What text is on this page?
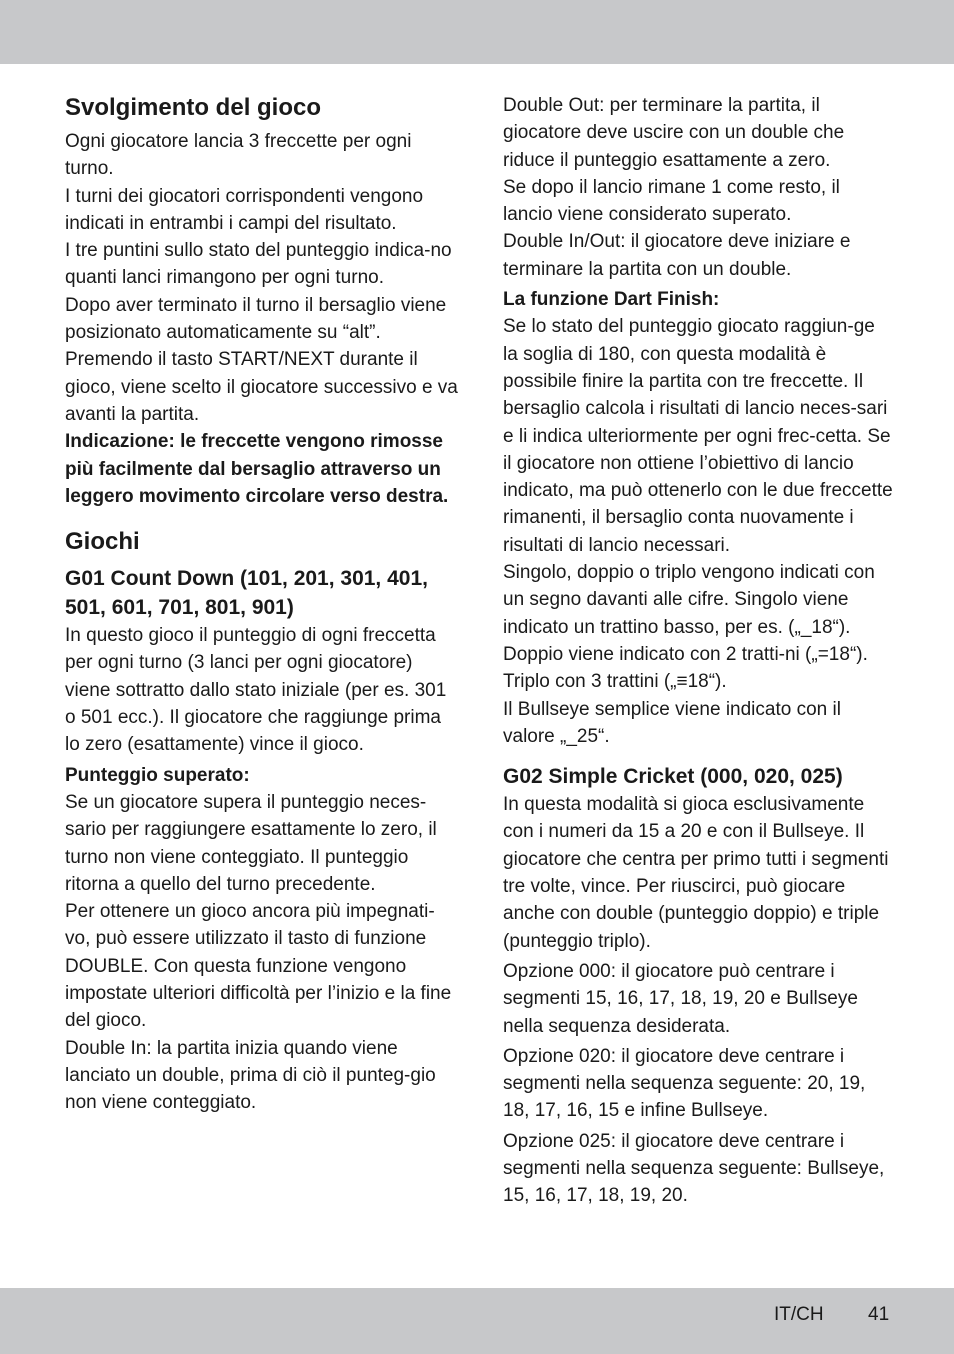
Svolgimento del gioco

Ogni giocatore lancia 3 freccette per ogni turno.

I turni dei giocatori corrispondenti vengono indicati in entrambi i campi del risultato.

I tre puntini sullo stato del punteggio indica-no quanti lanci rimangono per ogni turno.

Dopo aver terminato il turno il bersaglio viene posizionato automaticamente su “alt”.

Premendo il tasto START/NEXT durante il gioco, viene scelto il giocatore successivo e va avanti la partita.

Indicazione: le freccette vengono rimosse più facilmente dal bersaglio attraverso un leggero movimento circolare verso destra.

Giochi
G01 Count Down (101, 201, 301, 401, 501, 601, 701, 801, 901)

In questo gioco il punteggio di ogni freccetta per ogni turno (3 lanci per ogni giocatore) viene sottratto dallo stato iniziale (per es. 301 o 501 ecc.). Il giocatore che raggiunge prima lo zero (esattamente) vince il gioco.

Punteggio superato:

Se un giocatore supera il punteggio neces-sario per raggiungere esattamente lo zero, il turno non viene conteggiato. Il punteggio ritorna a quello del turno precedente.

Per ottenere un gioco ancora più impegnati-vo, può essere utilizzato il tasto di funzione DOUBLE. Con questa funzione vengono impostate ulteriori difficoltà per l’inizio e la fine del gioco.

Double In: la partita inizia quando viene lanciato un double, prima di ciò il punteg-gio non viene conteggiato.

Double Out: per terminare la partita, il giocatore deve uscire con un double che riduce il punteggio esattamente a zero.

Se dopo il lancio rimane 1 come resto, il lancio viene considerato superato.

Double In/Out: il giocatore deve iniziare e terminare la partita con un double.

La funzione Dart Finish:

Se lo stato del punteggio giocato raggiun-ge la soglia di 180, con questa modalità è possibile finire la partita con tre freccette. Il bersaglio calcola i risultati di lancio neces-sari e li indica ulteriormente per ogni frec-cetta. Se il giocatore non ottiene l’obiettivo di lancio indicato, ma può ottenerlo con le due freccette rimanenti, il bersaglio conta nuovamente i risultati di lancio necessari.

Singolo, doppio o triplo vengono indicati con un segno davanti alle cifre. Singolo viene indicato un trattino basso, per es. („_18“). Doppio viene indicato con 2 tratti-ni („=18“). Triplo con 3 trattini („≡18“).

Il Bullseye semplice viene indicato con il valore „_25“.

G02 Simple Cricket (000, 020, 025)

In questa modalità si gioca esclusivamente con i numeri da 15 a 20 e con il Bullseye. Il giocatore che centra per primo tutti i segmenti tre volte, vince. Per riuscirci, può giocare anche con double (punteggio doppio) e triple (punteggio triplo).

Opzione 000: il giocatore può centrare i segmenti 15, 16, 17, 18, 19, 20 e Bullseye nella sequenza desiderata.

Opzione 020: il giocatore deve centrare i segmenti nella sequenza seguente: 20, 19, 18, 17, 16, 15 e infine Bullseye.

Opzione 025: il giocatore deve centrare i segmenti nella sequenza seguente: Bullseye, 15, 16, 17, 18, 19, 20.

IT/CH 41
